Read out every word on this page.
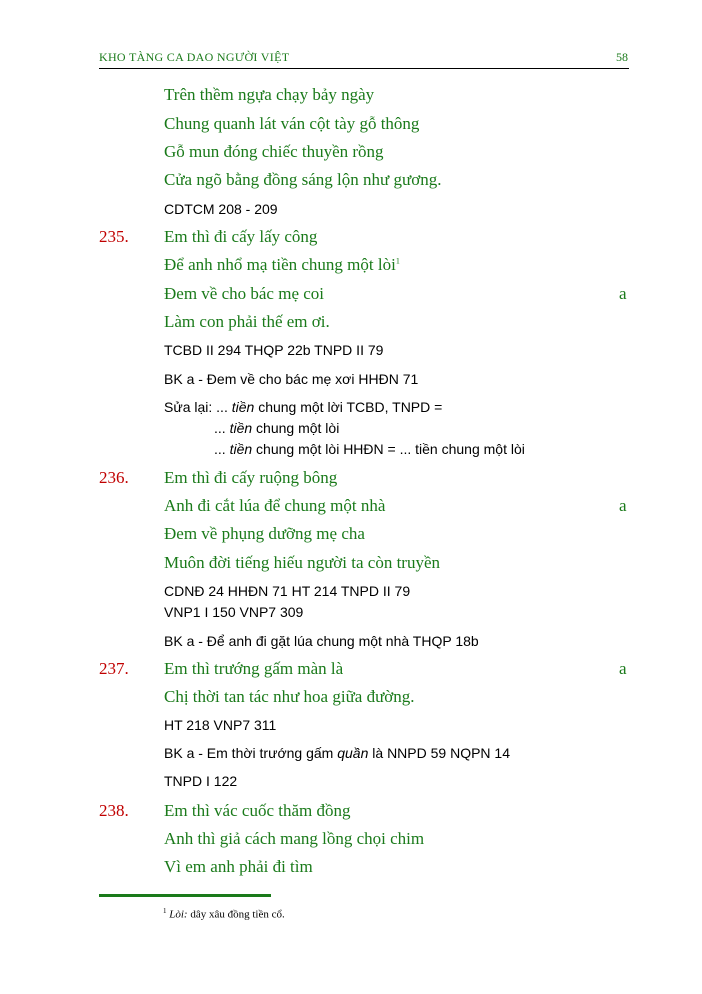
KHO TÀNG CA DAO NGƯỜI VIỆT	58
Trên thềm ngựa chạy bảy ngày
Chung quanh lát ván cột tày gỗ thông
Gỗ mun đóng chiếc thuyền rồng
Cửa ngõ bằng đồng sáng lộn như gương.
CDTCM 208 - 209
235. Em thì đi cấy lấy công
Để anh nhổ mạ tiền chung một lòi$^1$
Đem về cho bác mẹ coi	a
Làm con phải thế em ơi.
TCBD II 294 THQP 22b TNPD II 79
BK a - Đem về cho bác mẹ xơi HHĐN 71
Sửa lại: ... tiền chung một lời TCBD, TNPD =
... tiền chung một lòi
... tiền chung một lòi HHĐN = ... tiền chung một lòi
236. Em thì đi cấy ruộng bông
Anh đi cắt lúa để chung một nhà	a
Đem về phụng dưỡng mẹ cha
Muôn đời tiếng hiếu người ta còn truyền
CDNĐ 24 HHĐN 71 HT 214 TNPD II 79
VNP1 I 150 VNP7 309
BK a - Để anh đi gặt lúa chung một nhà THQP 18b
237. Em thì trướng gấm màn là	a
Chị thời tan tác như hoa giữa đường.
HT 218 VNP7 311
BK a - Em thời trướng gấm quần là NNPD 59 NQPN 14
TNPD I 122
238. Em thì vác cuốc thăm đồng
Anh thì giả cách mang lồng chọi chim
Vì em anh phải đi tìm
$^1$ Lòi: dây xâu đồng tiền cổ.
